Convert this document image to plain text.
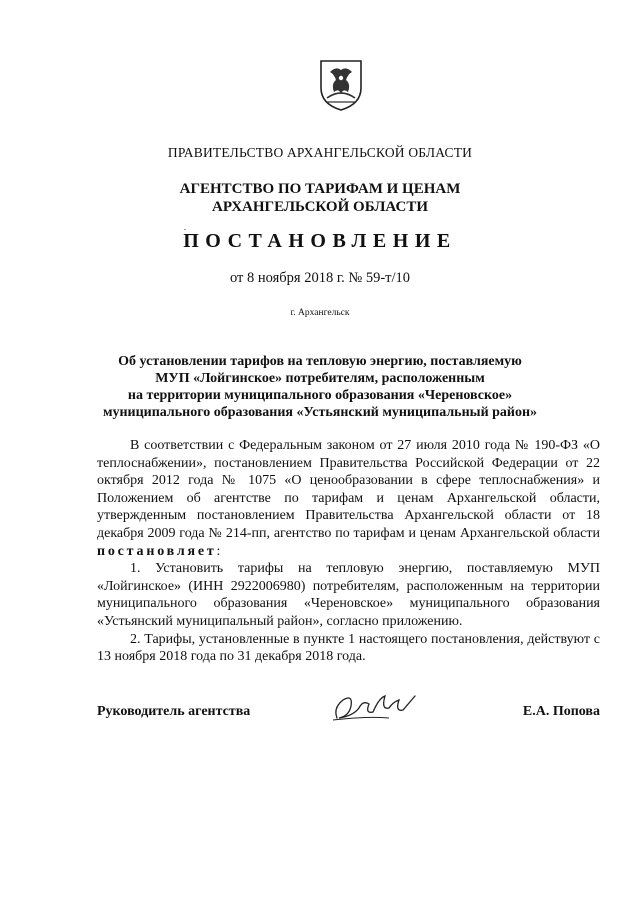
ПРАВИТЕЛЬСТВО АРХАНГЕЛЬСКОЙ ОБЛАСТИ
АГЕНТСТВО ПО ТАРИФАМ И ЦЕНАМ
АРХАНГЕЛЬСКОЙ ОБЛАСТИ
ПОСТАНОВЛЕНИЕ
от 8 ноября 2018 г. № 59-т/10
г. Архангельск
Об установлении тарифов на тепловую энергию, поставляемую
МУП «Лойгинское» потребителям, расположенным
на территории муниципального образования «Череновское»
муниципального образования «Устьянский муниципальный район»

В соответствии с Федеральным законом от 27 июля 2010 года № 190-ФЗ «О теплоснабжении», постановлением Правительства Российской Федерации от 22 октября 2012 года № 1075 «О ценообразовании в сфере теплоснабжения» и Положением об агентстве по тарифам и ценам Архангельской области, утвержденным постановлением Правительства Архангельской области от 18 декабря 2009 года № 214-пп, агентство по тарифам и ценам Архангельской области постановляет:

1. Установить тарифы на тепловую энергию, поставляемую МУП «Лойгинское» (ИНН 2922006980) потребителям, расположенным на территории муниципального образования «Череновское» муниципального образования «Устьянский муниципальный район», согласно приложению.

2. Тарифы, установленные в пункте 1 настоящего постановления, действуют с 13 ноября 2018 года по 31 декабря 2018 года.

Руководитель агентства	Е.А. Попова
